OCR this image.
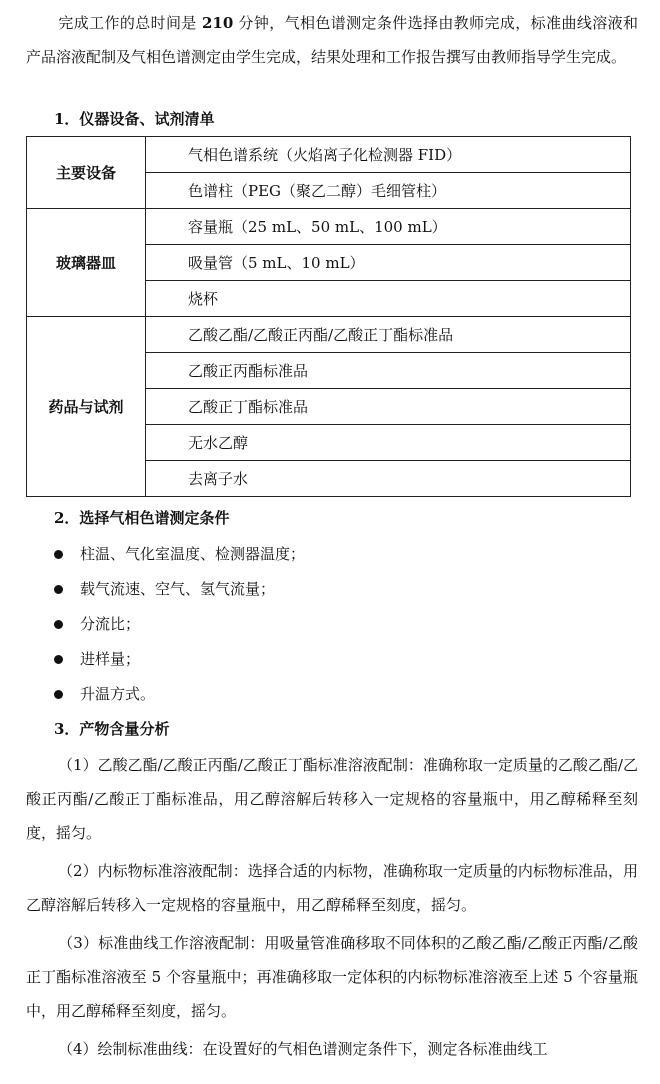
完成工作的总时间是 210 分钟，气相色谱测定条件选择由教师完成，标准曲线溶液和产品溶液配制及气相色谱测定由学生完成，结果处理和工作报告撰写由教师指导学生完成。
1．仪器设备、试剂清单
主要设备	气相色谱系统（火焰离子化检测器 FID）
	色谱柱（PEG（聚乙二醇）毛细管柱）
玻璃器皿	容量瓶（25 mL、50 mL、100 mL）
	吸量管（5 mL、10 mL）
	烧杯
药品与试剂	乙酸乙酯/乙酸正丙酯/乙酸正丁酯标准品
	乙酸正丙酯标准品
	乙酸正丁酯标准品
	无水乙醇
	去离子水
2．选择气相色谱测定条件
柱温、气化室温度、检测器温度；
载气流速、空气、氢气流量；
分流比；
进样量；
升温方式。
3．产物含量分析
（1）乙酸乙酯/乙酸正丙酯/乙酸正丁酯标准溶液配制：准确称取一定质量的乙酸乙酯/乙酸正丙酯/乙酸正丁酯标准品，用乙醇溶解后转移入一定规格的容量瓶中，用乙醇稀释至刻度，摇匀。
（2）内标物标准溶液配制：选择合适的内标物，准确称取一定质量的内标物标准品，用乙醇溶解后转移入一定规格的容量瓶中，用乙醇稀释至刻度，摇匀。
（3）标准曲线工作溶液配制：用吸量管准确移取不同体积的乙酸乙酯/乙酸正丙酯/乙酸正丁酯标准溶液至 5 个容量瓶中；再准确移取一定体积的内标物标准溶液至上述 5 个容量瓶中，用乙醇稀释至刻度，摇匀。
（4）绘制标准曲线：在设置好的气相色谱测定条件下，测定各标准曲线工
